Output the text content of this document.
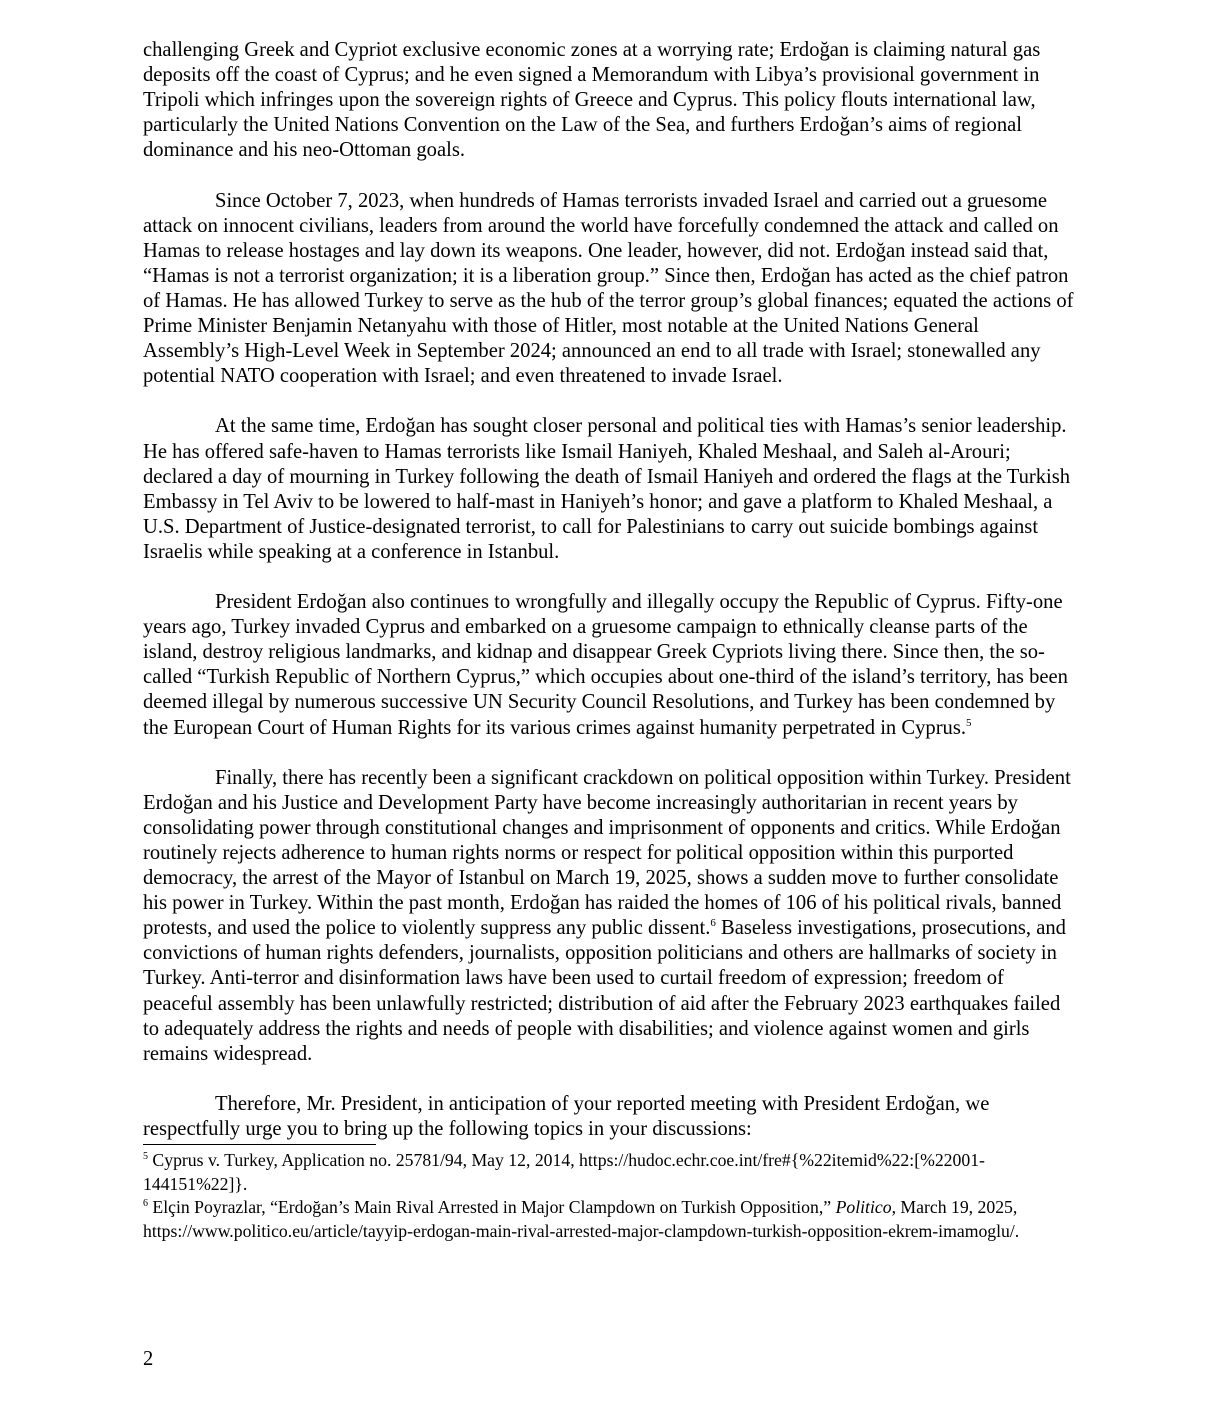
challenging Greek and Cypriot exclusive economic zones at a worrying rate; Erdoğan is claiming natural gas deposits off the coast of Cyprus; and he even signed a Memorandum with Libya’s provisional government in Tripoli which infringes upon the sovereign rights of Greece and Cyprus. This policy flouts international law, particularly the United Nations Convention on the Law of the Sea, and furthers Erdoğan’s aims of regional dominance and his neo-Ottoman goals.

Since October 7, 2023, when hundreds of Hamas terrorists invaded Israel and carried out a gruesome attack on innocent civilians, leaders from around the world have forcefully condemned the attack and called on Hamas to release hostages and lay down its weapons. One leader, however, did not. Erdoğan instead said that, “Hamas is not a terrorist organization; it is a liberation group.” Since then, Erdoğan has acted as the chief patron of Hamas. He has allowed Turkey to serve as the hub of the terror group’s global finances; equated the actions of Prime Minister Benjamin Netanyahu with those of Hitler, most notable at the United Nations General Assembly’s High-Level Week in September 2024; announced an end to all trade with Israel; stonewalled any potential NATO cooperation with Israel; and even threatened to invade Israel.

At the same time, Erdoğan has sought closer personal and political ties with Hamas’s senior leadership. He has offered safe-haven to Hamas terrorists like Ismail Haniyeh, Khaled Meshaal, and Saleh al-Arouri; declared a day of mourning in Turkey following the death of Ismail Haniyeh and ordered the flags at the Turkish Embassy in Tel Aviv to be lowered to half-mast in Haniyeh’s honor; and gave a platform to Khaled Meshaal, a U.S. Department of Justice-designated terrorist, to call for Palestinians to carry out suicide bombings against Israelis while speaking at a conference in Istanbul.

President Erdoğan also continues to wrongfully and illegally occupy the Republic of Cyprus. Fifty-one years ago, Turkey invaded Cyprus and embarked on a gruesome campaign to ethnically cleanse parts of the island, destroy religious landmarks, and kidnap and disappear Greek Cypriots living there. Since then, the so-called “Turkish Republic of Northern Cyprus,” which occupies about one-third of the island’s territory, has been deemed illegal by numerous successive UN Security Council Resolutions, and Turkey has been condemned by the European Court of Human Rights for its various crimes against humanity perpetrated in Cyprus.$^5$

Finally, there has recently been a significant crackdown on political opposition within Turkey. President Erdoğan and his Justice and Development Party have become increasingly authoritarian in recent years by consolidating power through constitutional changes and imprisonment of opponents and critics. While Erdoğan routinely rejects adherence to human rights norms or respect for political opposition within this purported democracy, the arrest of the Mayor of Istanbul on March 19, 2025, shows a sudden move to further consolidate his power in Turkey. Within the past month, Erdoğan has raided the homes of 106 of his political rivals, banned protests, and used the police to violently suppress any public dissent.$^6$ Baseless investigations, prosecutions, and convictions of human rights defenders, journalists, opposition politicians and others are hallmarks of society in Turkey. Anti-terror and disinformation laws have been used to curtail freedom of expression; freedom of peaceful assembly has been unlawfully restricted; distribution of aid after the February 2023 earthquakes failed to adequately address the rights and needs of people with disabilities; and violence against women and girls remains widespread.

Therefore, Mr. President, in anticipation of your reported meeting with President Erdoğan, we respectfully urge you to bring up the following topics in your discussions:

$^5$ Cyprus v. Turkey, Application no. 25781/94, May 12, 2014, https://hudoc.echr.coe.int/fre#{%22itemid%22:[%22001-144151%22]}.

$^6$ Elçin Poyrazlar, “Erdoğan’s Main Rival Arrested in Major Clampdown on Turkish Opposition,” Politico, March 19, 2025, https://www.politico.eu/article/tayyip-erdogan-main-rival-arrested-major-clampdown-turkish-opposition-ekrem-imamoglu/.

2
